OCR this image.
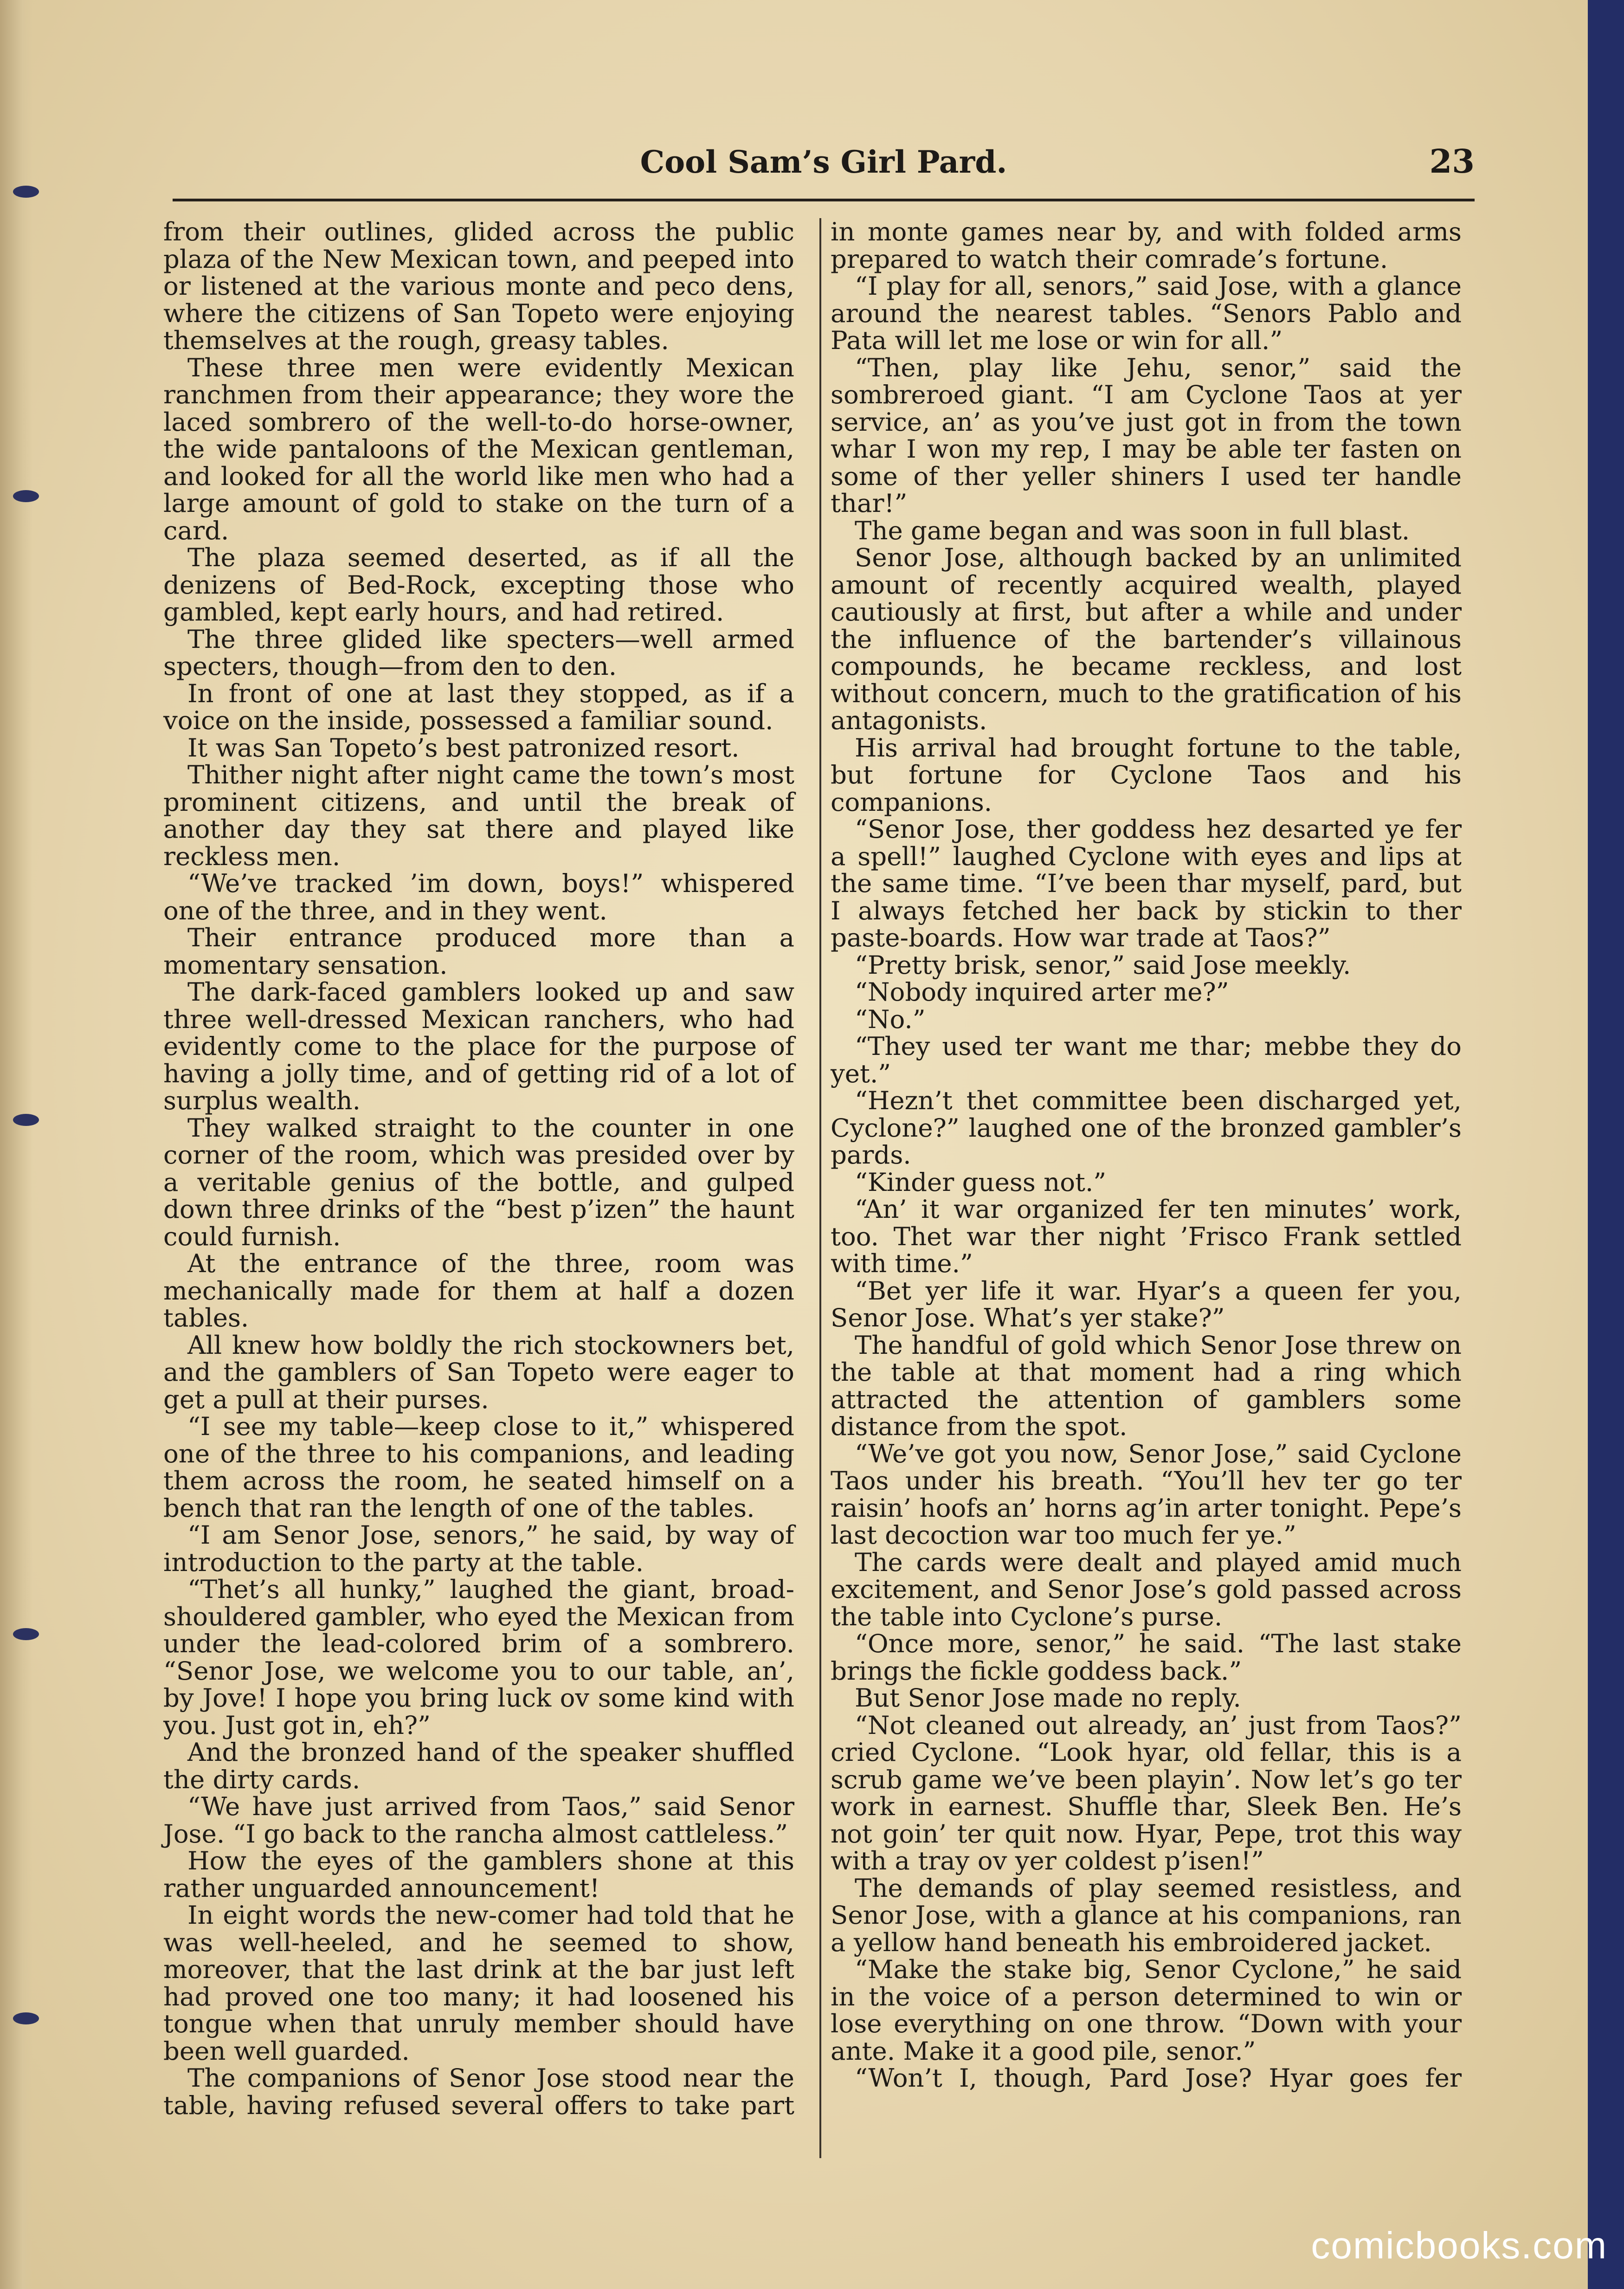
Cool Sam’s Girl Pard.	23

from their outlines, glided across the public plaza of the New Mexican town, and peeped into or listened at the various monte and peco dens, where the citizens of San Topeto were enjoying themselves at the rough, greasy tables.

These three men were evidently Mexican ranchmen from their appearance; they wore the laced sombrero of the well-to-do horse-owner, the wide pantaloons of the Mexican gentleman, and looked for all the world like men who had a large amount of gold to stake on the turn of a card.

The plaza seemed deserted, as if all the denizens of Bed-Rock, excepting those who gambled, kept early hours, and had retired.

The three glided like specters—well armed specters, though—from den to den.

In front of one at last they stopped, as if a voice on the inside, possessed a familiar sound.

It was San Topeto’s best patronized resort.

Thither night after night came the town’s most prominent citizens, and until the break of another day they sat there and played like reckless men.

“We’ve tracked ’im down, boys!” whispered one of the three, and in they went.

Their entrance produced more than a momentary sensation.

The dark-faced gamblers looked up and saw three well-dressed Mexican ranchers, who had evidently come to the place for the purpose of having a jolly time, and of getting rid of a lot of surplus wealth.

They walked straight to the counter in one corner of the room, which was presided over by a veritable genius of the bottle, and gulped down three drinks of the “best p’izen” the haunt could furnish.

At the entrance of the three, room was mechanically made for them at half a dozen tables.

All knew how boldly the rich stockowners bet, and the gamblers of San Topeto were eager to get a pull at their purses.

“I see my table—keep close to it,” whispered one of the three to his companions, and leading them across the room, he seated himself on a bench that ran the length of one of the tables.

“I am Senor Jose, senors,” he said, by way of introduction to the party at the table.

“Thet’s all hunky,” laughed the giant, broad-shouldered gambler, who eyed the Mexican from under the lead-colored brim of a sombrero. “Senor Jose, we welcome you to our table, an’, by Jove! I hope you bring luck ov some kind with you. Just got in, eh?”

And the bronzed hand of the speaker shuffled the dirty cards.

“We have just arrived from Taos,” said Senor Jose. “I go back to the rancha almost cattleless.”

How the eyes of the gamblers shone at this rather unguarded announcement!

In eight words the new-comer had told that he was well-heeled, and he seemed to show, moreover, that the last drink at the bar just left had proved one too many; it had loosened his tongue when that unruly member should have been well guarded.

The companions of Senor Jose stood near the table, having refused several offers to take part

in monte games near by, and with folded arms prepared to watch their comrade’s fortune.

“I play for all, senors,” said Jose, with a glance around the nearest tables. “Senors Pablo and Pata will let me lose or win for all.”

“Then, play like Jehu, senor,” said the sombreroed giant. “I am Cyclone Taos at yer service, an’ as you’ve just got in from the town whar I won my rep, I may be able ter fasten on some of ther yeller shiners I used ter handle thar!”

The game began and was soon in full blast.

Senor Jose, although backed by an unlimited amount of recently acquired wealth, played cautiously at first, but after a while and under the influence of the bartender’s villainous compounds, he became reckless, and lost without concern, much to the gratification of his antagonists.

His arrival had brought fortune to the table, but fortune for Cyclone Taos and his companions.

“Senor Jose, ther goddess hez desarted ye fer a spell!” laughed Cyclone with eyes and lips at the same time. “I’ve been thar myself, pard, but I always fetched her back by stickin to ther paste-boards. How war trade at Taos?”

“Pretty brisk, senor,” said Jose meekly.

“Nobody inquired arter me?”

“No.”

“They used ter want me thar; mebbe they do yet.”

“Hezn’t thet committee been discharged yet, Cyclone?” laughed one of the bronzed gambler’s pards.

“Kinder guess not.”

“An’ it war organized fer ten minutes’ work, too. Thet war ther night ’Frisco Frank settled with time.”

“Bet yer life it war. Hyar’s a queen fer you, Senor Jose. What’s yer stake?”

The handful of gold which Senor Jose threw on the table at that moment had a ring which attracted the attention of gamblers some distance from the spot.

“We’ve got you now, Senor Jose,” said Cyclone Taos under his breath. “You’ll hev ter go ter raisin’ hoofs an’ horns ag’in arter tonight. Pepe’s last decoction war too much fer ye.”

The cards were dealt and played amid much excitement, and Senor Jose’s gold passed across the table into Cyclone’s purse.

“Once more, senor,” he said. “The last stake brings the fickle goddess back.”

But Senor Jose made no reply.

“Not cleaned out already, an’ just from Taos?” cried Cyclone. “Look hyar, old fellar, this is a scrub game we’ve been playin’. Now let’s go ter work in earnest. Shuffle thar, Sleek Ben. He’s not goin’ ter quit now. Hyar, Pepe, trot this way with a tray ov yer coldest p’isen!”

The demands of play seemed resistless, and Senor Jose, with a glance at his companions, ran a yellow hand beneath his embroidered jacket.

“Make the stake big, Senor Cyclone,” he said in the voice of a person determined to win or lose everything on one throw. “Down with your ante. Make it a good pile, senor.”

“Won’t I, though, Pard Jose? Hyar goes fer

comicbooks.com
